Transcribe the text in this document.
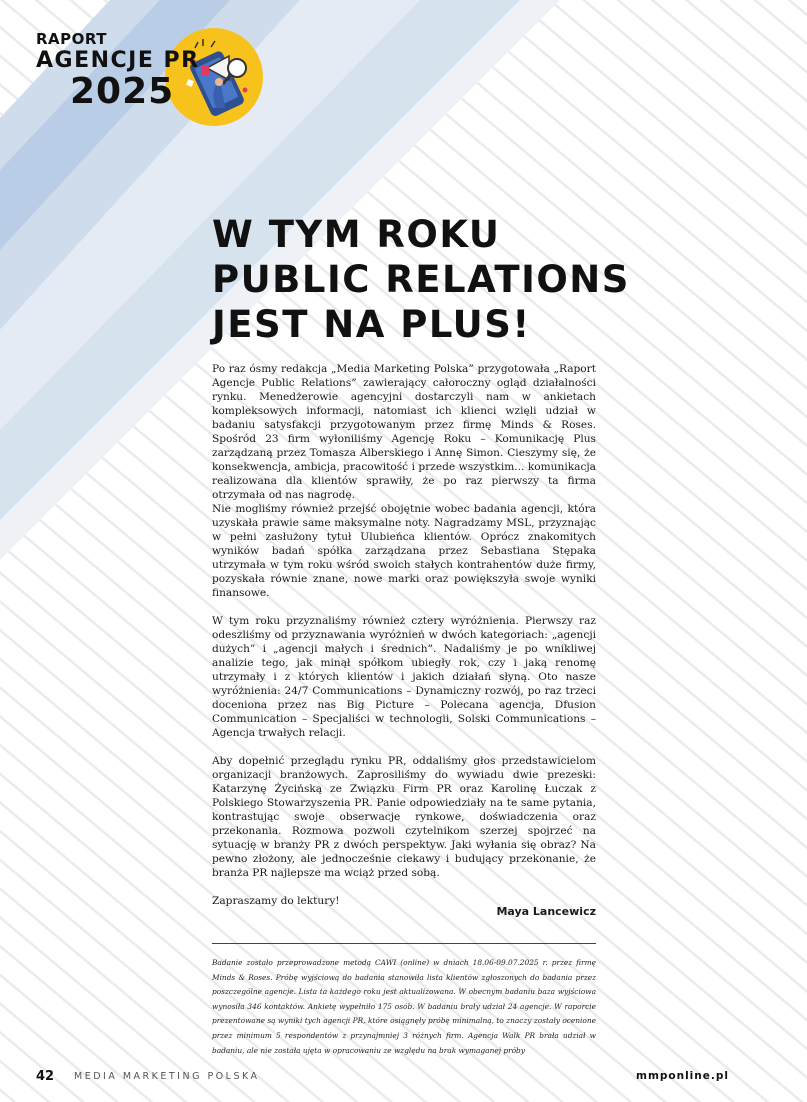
RAPORT
AGENCJE PR
2025
W TYM ROKU
PUBLIC RELATIONS
JEST NA PLUS!

Po raz ósmy redakcja „Media Marketing Polska” przygotowała „Raport Agencje Public Relations” zawierający całoroczny ogląd działalności rynku. Menedżerowie agencyjni dostarczyli nam w ankietach kompleksowych informacji, natomiast ich klienci wzięli udział w badaniu satysfakcji przygotowanym przez firmę Minds & Roses. Spośród 23 firm wyłoniliśmy Agencję Roku – Komunikację Plus zarządzaną przez Tomasza Alberskiego i Annę Simon. Cieszymy się, że konsekwencja, ambicja, pracowitość i przede wszystkim... komunikacja realizowana dla klientów sprawiły, że po raz pierwszy ta firma otrzymała od nas nagrodę.

Nie mogliśmy również przejść obojętnie wobec badania agencji, która uzyskała prawie same maksymalne noty. Nagradzamy MSL, przyznając w pełni zasłużony tytuł Ulubieńca klientów. Oprócz znakomitych wyników badań spółka zarządzana przez Sebastiana Stępaka utrzymała w tym roku wśród swoich stałych kontrahentów duże firmy, pozyskała równie znane, nowe marki oraz powiększyła swoje wyniki finansowe.

W tym roku przyznaliśmy również cztery wyróżnienia. Pierwszy raz odeszliśmy od przyznawania wyróżnień w dwóch kategoriach: „agencji dużych” i „agencji małych i średnich”. Nadaliśmy je po wnikliwej analizie tego, jak minął spółkom ubiegły rok, czy i jaką renomę utrzymały i z których klientów i jakich działań słyną. Oto nasze wyróżnienia: 24/7 Communications – Dynamiczny rozwój, po raz trzeci doceniona przez nas Big Picture – Polecana agencja, Dfusion Communication – Specjaliści w technologii, Solski Communications – Agencja trwałych relacji.

Aby dopełnić przeglądu rynku PR, oddaliśmy głos przedstawicielom organizacji branżowych. Zaprosiliśmy do wywiadu dwie prezeski: Katarzynę Życińską ze Związku Firm PR oraz Karolinę Łuczak z Polskiego Stowarzyszenia PR. Panie odpowiedziały na te same pytania, kontrastując swoje obserwacje rynkowe, doświadczenia oraz przekonania. Rozmowa pozwoli czytelnikom szerzej spojrzeć na sytuację w branży PR z dwóch perspektyw. Jaki wyłania się obraz? Na pewno złożony, ale jednocześnie ciekawy i budujący przekonanie, że branża PR najlepsze ma wciąż przed sobą.

Zapraszamy do lektury!

Maya Lancewicz
Badanie zostało przeprowadzone metodą CAWI (online) w dniach 18.06-09.07.2025 r. przez firmę Minds & Roses. Próbę wyjściową do badania stanowiła lista klientów zgłoszonych do badania przez poszczególne agencje. Lista ta każdego roku jest aktualizowana. W obecnym badaniu baza wyjściowa wynosiła 346 kontaktów. Ankietę wypełniło 175 osób. W badaniu brały udział 24 agencje. W raporcie prezentowane są wyniki tych agencji PR, które osiągnęły próbę minimalną, to znaczy zostały ocenione przez minimum 5 respondentów z przynajmniej 3 różnych firm. Agencja Walk PR brała udział w badaniu, ale nie została ujęta w opracowaniu ze względu na brak wymaganej próby
42 MEDIA MARKETING POLSKA	mmponline.pl
